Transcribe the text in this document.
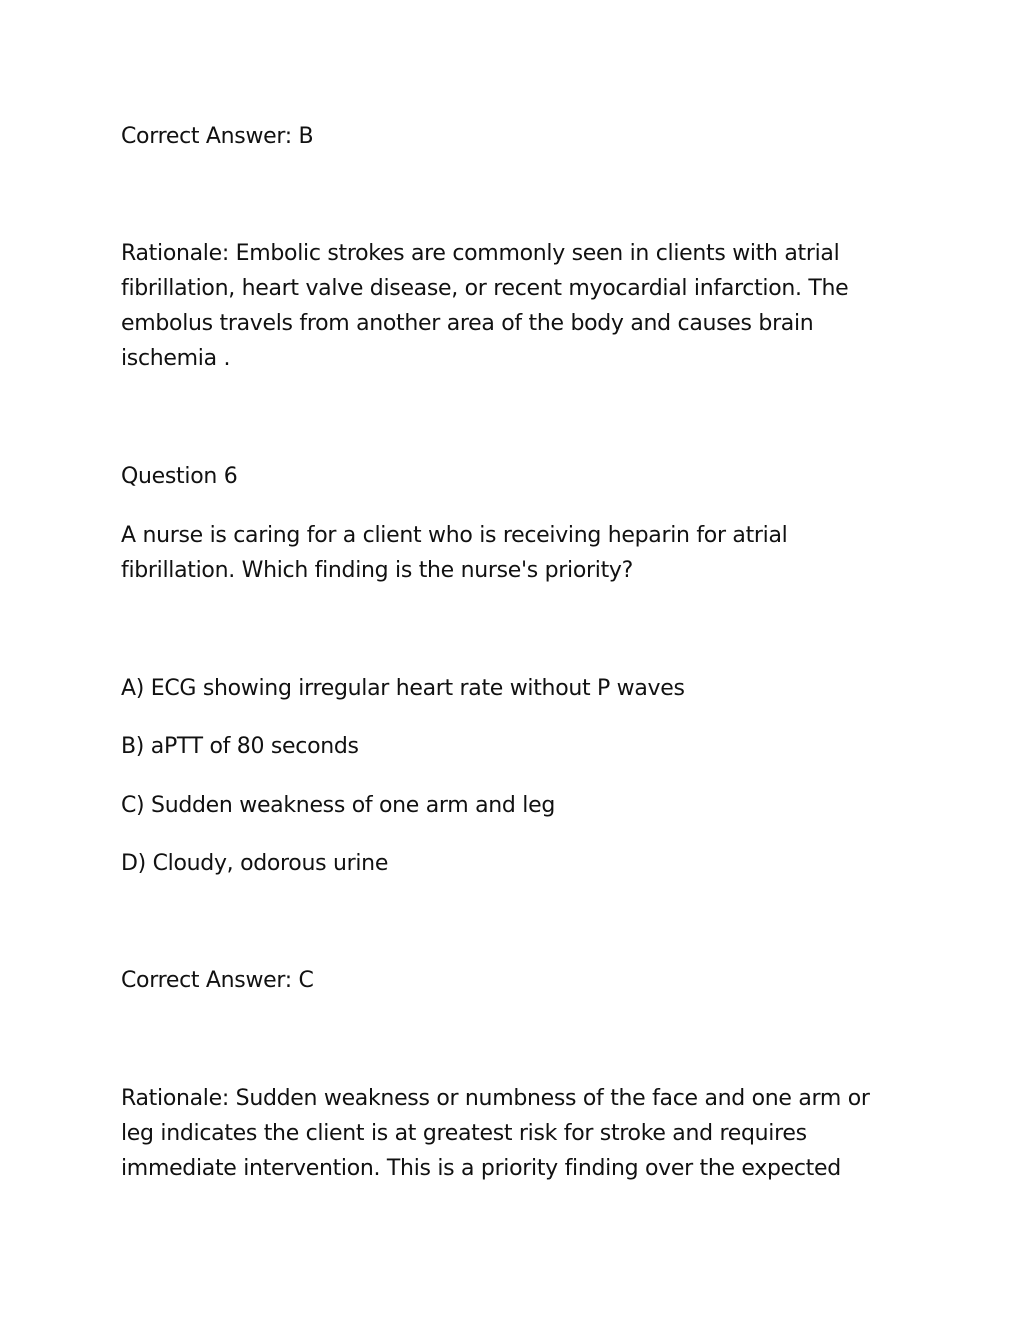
Correct Answer: B
Rationale: Embolic strokes are commonly seen in clients with atrial
fibrillation, heart valve disease, or recent myocardial infarction. The
embolus travels from another area of the body and causes brain
ischemia .
Question 6
A nurse is caring for a client who is receiving heparin for atrial
fibrillation. Which finding is the nurse's priority?
A) ECG showing irregular heart rate without P waves
B) aPTT of 80 seconds
C) Sudden weakness of one arm and leg
D) Cloudy, odorous urine
Correct Answer: C
Rationale: Sudden weakness or numbness of the face and one arm or
leg indicates the client is at greatest risk for stroke and requires
immediate intervention. This is a priority finding over the expected
